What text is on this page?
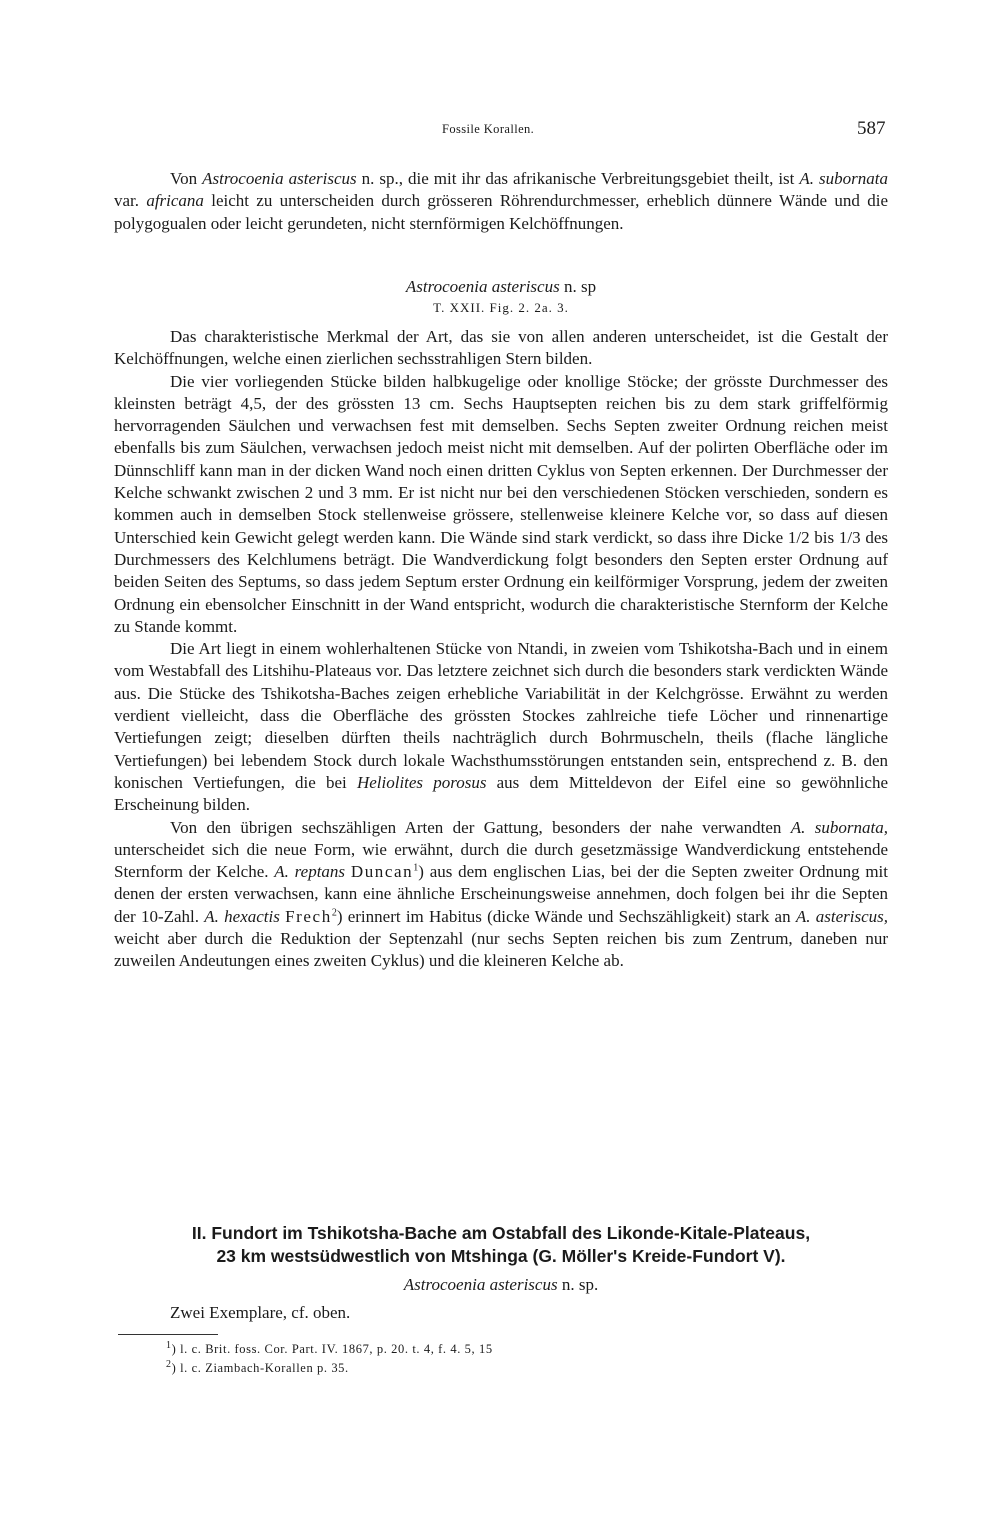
Fossile Korallen.	587

Von Astrocoenia asteriscus n. sp., die mit ihr das afrikanische Verbreitungsgebiet theilt, ist A. subornata var. africana leicht zu unterscheiden durch grösseren Röhrendurchmesser, erheblich dünnere Wände und die polygogualen oder leicht gerundeten, nicht sternförmigen Kelchöffnungen.

Astrocoenia asteriscus n. sp

T. XXII. Fig. 2. 2a. 3.

Das charakteristische Merkmal der Art, das sie von allen anderen unterscheidet, ist die Gestalt der Kelchöffnungen, welche einen zierlichen sechsstrahligen Stern bilden.

Die vier vorliegenden Stücke bilden halbkugelige oder knollige Stöcke; der grösste Durchmesser des kleinsten beträgt 4,5, der des grössten 13 cm. Sechs Hauptsepten reichen bis zu dem stark griffelförmig hervorragenden Säulchen und verwachsen fest mit demselben. Sechs Septen zweiter Ordnung reichen meist ebenfalls bis zum Säulchen, verwachsen jedoch meist nicht mit demselben. Auf der polirten Oberfläche oder im Dünnschliff kann man in der dicken Wand noch einen dritten Cyklus von Septen erkennen. Der Durchmesser der Kelche schwankt zwischen 2 und 3 mm. Er ist nicht nur bei den verschiedenen Stöcken verschieden, sondern es kommen auch in demselben Stock stellenweise grössere, stellenweise kleinere Kelche vor, so dass auf diesen Unterschied kein Gewicht gelegt werden kann. Die Wände sind stark verdickt, so dass ihre Dicke 1/2 bis 1/3 des Durchmessers des Kelchlumens beträgt. Die Wandverdickung folgt besonders den Septen erster Ordnung auf beiden Seiten des Septums, so dass jedem Septum erster Ordnung ein keilförmiger Vorsprung, jedem der zweiten Ordnung ein ebensolcher Einschnitt in der Wand entspricht, wodurch die charakteristische Sternform der Kelche zu Stande kommt.

Die Art liegt in einem wohlerhaltenen Stücke von Ntandi, in zweien vom Tshikotsha-Bach und in einem vom Westabfall des Litshihu-Plateaus vor. Das letztere zeichnet sich durch die besonders stark verdickten Wände aus. Die Stücke des Tshikotsha-Baches zeigen erhebliche Variabilität in der Kelchgrösse. Erwähnt zu werden verdient vielleicht, dass die Oberfläche des grössten Stockes zahlreiche tiefe Löcher und rinnenartige Vertiefungen zeigt; dieselben dürften theils nachträglich durch Bohrmuscheln, theils (flache längliche Vertiefungen) bei lebendem Stock durch lokale Wachsthumsstörungen entstanden sein, entsprechend z. B. den konischen Vertiefungen, die bei Heliolites porosus aus dem Mitteldevon der Eifel eine so gewöhnliche Erscheinung bilden.

Von den übrigen sechszähligen Arten der Gattung, besonders der nahe verwandten A. subornata, unterscheidet sich die neue Form, wie erwähnt, durch die durch gesetzmässige Wandverdickung entstehende Sternform der Kelche. A. reptans Duncan$^1$) aus dem englischen Lias, bei der die Septen zweiter Ordnung mit denen der ersten verwachsen, kann eine ähnliche Erscheinungsweise annehmen, doch folgen bei ihr die Septen der 10-Zahl. A. hexactis Frech$^2$) erinnert im Habitus (dicke Wände und Sechszähligkeit) stark an A. asteriscus, weicht aber durch die Reduktion der Septenzahl (nur sechs Septen reichen bis zum Zentrum, daneben nur zuweilen Andeutungen eines zweiten Cyklus) und die kleineren Kelche ab.

II. Fundort im Tshikotsha-Bache am Ostabfall des Likonde-Kitale-Plateaus,

23 km westsüdwestlich von Mtshinga (G. Möller's Kreide-Fundort V).

Astrocoenia asteriscus n. sp.

Zwei Exemplare, cf. oben.

$^1$) l. c. Brit. foss. Cor. Part. IV. 1867, p. 20. t. 4, f. 4. 5, 15
$^2$) l. c. Ziambach-Korallen p. 35.
